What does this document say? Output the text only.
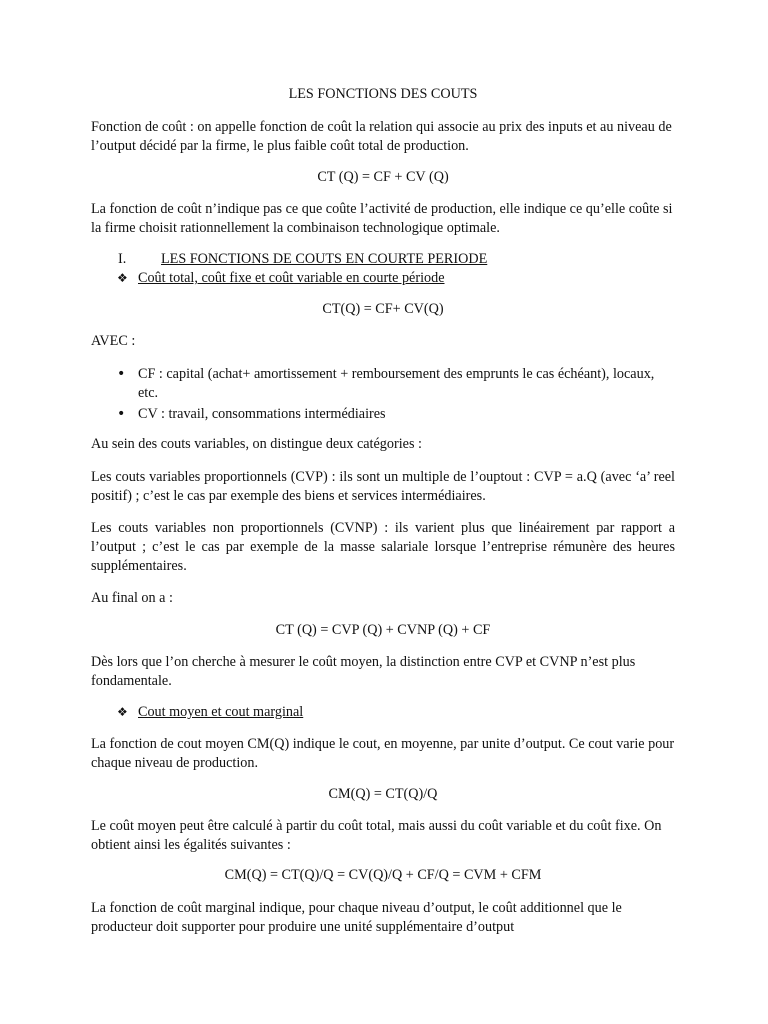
LES FONCTIONS DES COUTS

Fonction de coût : on appelle fonction de coût la relation qui associe au prix des inputs et au niveau de l’output décidé par la firme, le plus faible coût total de production.

CT (Q) = CF + CV (Q)

La fonction de coût n’indique pas ce que coûte l’activité de production, elle indique ce qu’elle coûte si la firme choisit rationnellement la combinaison technologique optimale.

I. LES FONCTIONS DE COUTS EN COURTE PERIODE
❖ Coût total, coût fixe et coût variable en courte période

CT(Q) = CF+ CV(Q)

AVEC :

• CF : capital (achat+ amortissement + remboursement des emprunts le cas échéant), locaux, etc.
• CV : travail, consommations intermédiaires

Au sein des couts variables, on distingue deux catégories :

Les couts variables proportionnels (CVP) : ils sont un multiple de l’ouptout : CVP = a.Q (avec ‘a’ reel positif) ; c’est le cas par exemple des biens et services intermédiaires.

Les couts variables non proportionnels (CVNP) : ils varient plus que linéairement par rapport a l’output ; c’est le cas par exemple de la masse salariale lorsque l’entreprise rémunère des heures supplémentaires.

Au final on a :

CT (Q) = CVP (Q) + CVNP (Q) + CF

Dès lors que l’on cherche à mesurer le coût moyen, la distinction entre CVP et CVNP n’est plus fondamentale.

❖ Cout moyen et cout marginal

La fonction de cout moyen CM(Q) indique le cout, en moyenne, par unite d’output. Ce cout varie pour chaque niveau de production.

CM(Q) = CT(Q)/Q

Le coût moyen peut être calculé à partir du coût total, mais aussi du coût variable et du coût fixe. On obtient ainsi les égalités suivantes :

CM(Q) = CT(Q)/Q = CV(Q)/Q + CF/Q = CVM + CFM

La fonction de coût marginal indique, pour chaque niveau d’output, le coût additionnel que le producteur doit supporter pour produire une unité supplémentaire d’output
